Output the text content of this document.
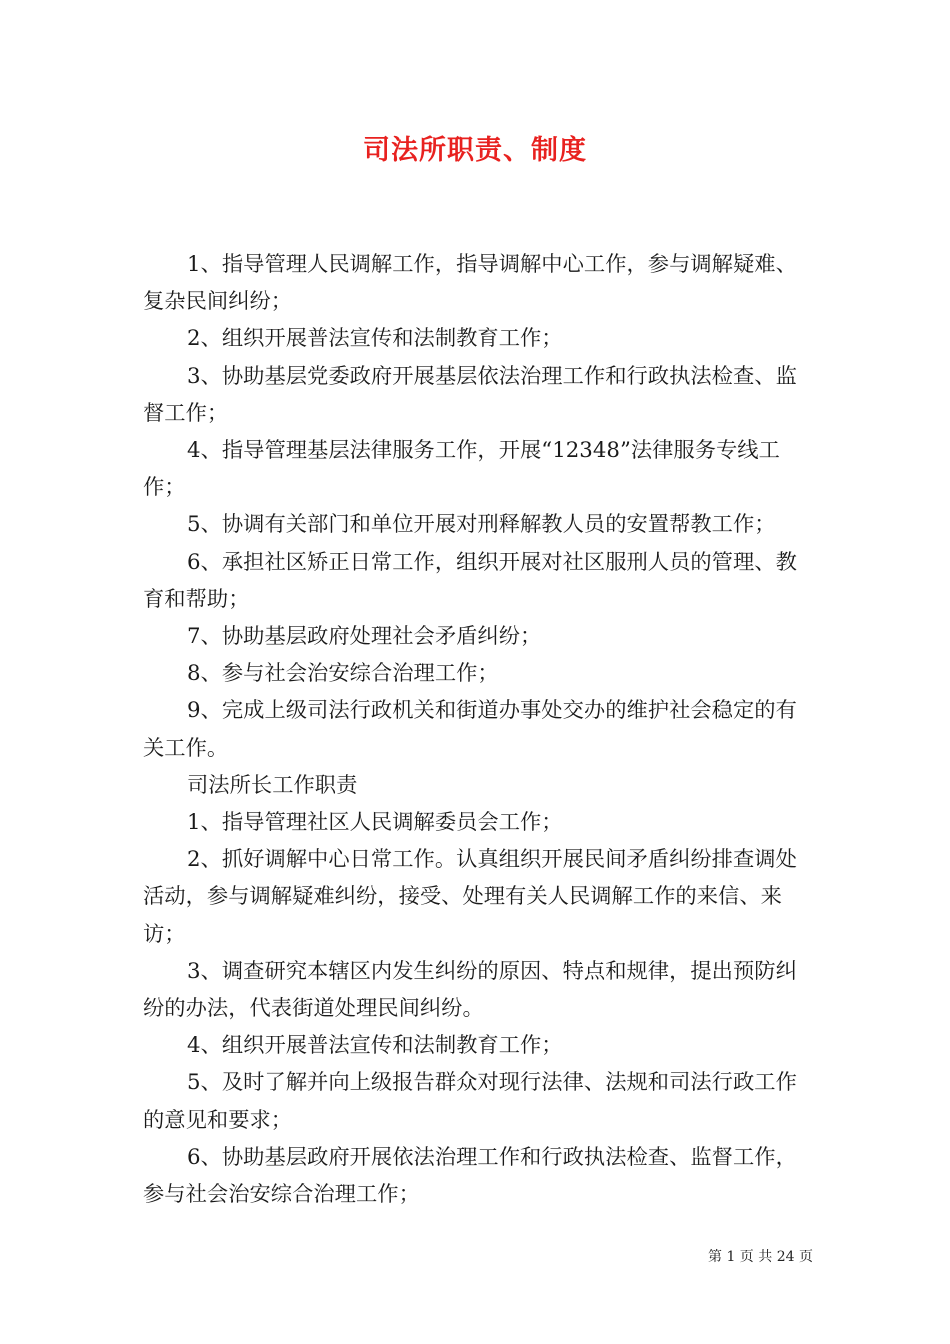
司法所职责、制度

1、指导管理人民调解工作，指导调解中心工作，参与调解疑难、复杂民间纠纷；

2、组织开展普法宣传和法制教育工作；

3、协助基层党委政府开展基层依法治理工作和行政执法检查、监督工作；

4、指导管理基层法律服务工作，开展“12348”法律服务专线工作；

5、协调有关部门和单位开展对刑释解教人员的安置帮教工作；

6、承担社区矫正日常工作，组织开展对社区服刑人员的管理、教育和帮助；

7、协助基层政府处理社会矛盾纠纷；

8、参与社会治安综合治理工作；

9、完成上级司法行政机关和街道办事处交办的维护社会稳定的有关工作。

司法所长工作职责

1、指导管理社区人民调解委员会工作；

2、抓好调解中心日常工作。认真组织开展民间矛盾纠纷排查调处活动，参与调解疑难纠纷，接受、处理有关人民调解工作的来信、来访；

3、调查研究本辖区内发生纠纷的原因、特点和规律，提出预防纠纷的办法，代表街道处理民间纠纷。

4、组织开展普法宣传和法制教育工作；

5、及时了解并向上级报告群众对现行法律、法规和司法行政工作的意见和要求；

6、协助基层政府开展依法治理工作和行政执法检查、监督工作，参与社会治安综合治理工作；

第 1 页 共 24 页
